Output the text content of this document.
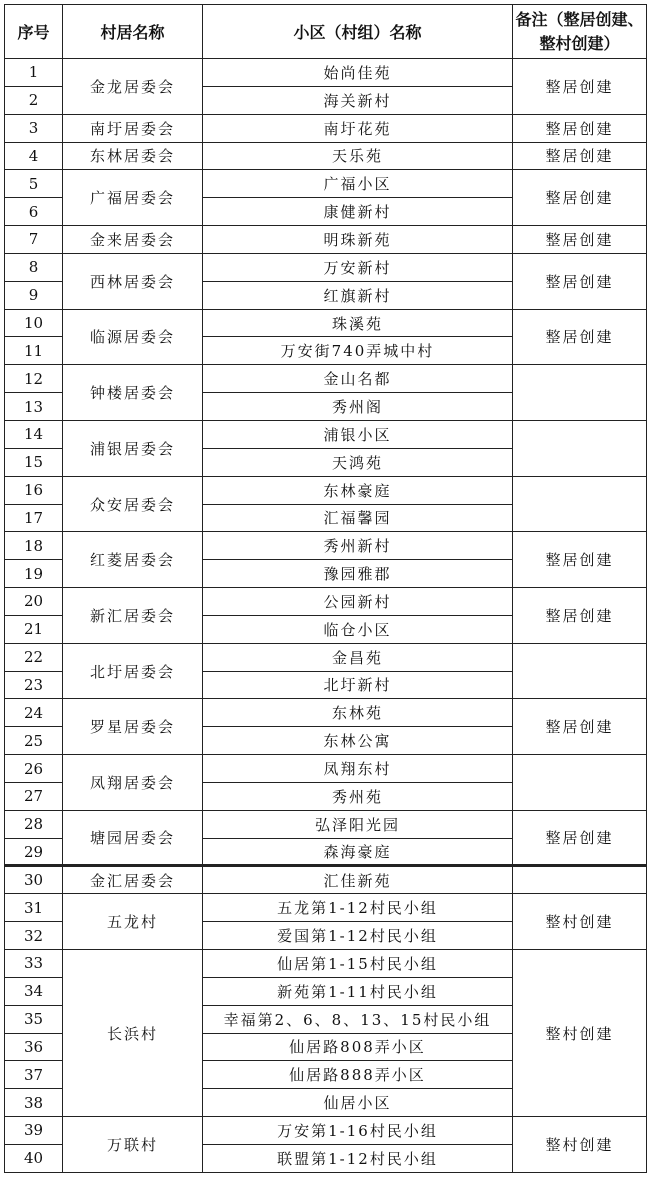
序号	村居名称	小区（村组）名称	备注（整居创建、整村创建）
1	金龙居委会	始尚佳苑	整居创建
2		海关新村	
3	南圩居委会	南圩花苑	整居创建
4	东林居委会	天乐苑	整居创建
5	广福居委会	广福小区	整居创建
6		康健新村	
7	金来居委会	明珠新苑	整居创建
8	西林居委会	万安新村	整居创建
9		红旗新村	
10	临源居委会	珠溪苑	整居创建
11		万安街740弄城中村	
12	钟楼居委会	金山名都	
13		秀州阁	
14	浦银居委会	浦银小区	
15		天鸿苑	
16	众安居委会	东林豪庭	
17		汇福馨园	
18	红菱居委会	秀州新村	整居创建
19		豫园雅郡	
20	新汇居委会	公园新村	整居创建
21		临仓小区	
22	北圩居委会	金昌苑	
23		北圩新村	
24	罗星居委会	东林苑	整居创建
25		东林公寓	
26	凤翔居委会	凤翔东村	
27		秀州苑	
28	塘园居委会	弘泽阳光园	整居创建
29		森海豪庭	
30	金汇居委会	汇佳新苑	
31	五龙村	五龙第1-12村民小组	整村创建
32		爱国第1-12村民小组	
33	长浜村	仙居第1-15村民小组	整村创建
34		新苑第1-11村民小组	
35		幸福第2、6、8、13、15村民小组	
36		仙居路808弄小区	
37		仙居路888弄小区	
38		仙居小区	
39	万联村	万安第1-16村民小组	整村创建
40		联盟第1-12村民小组	
